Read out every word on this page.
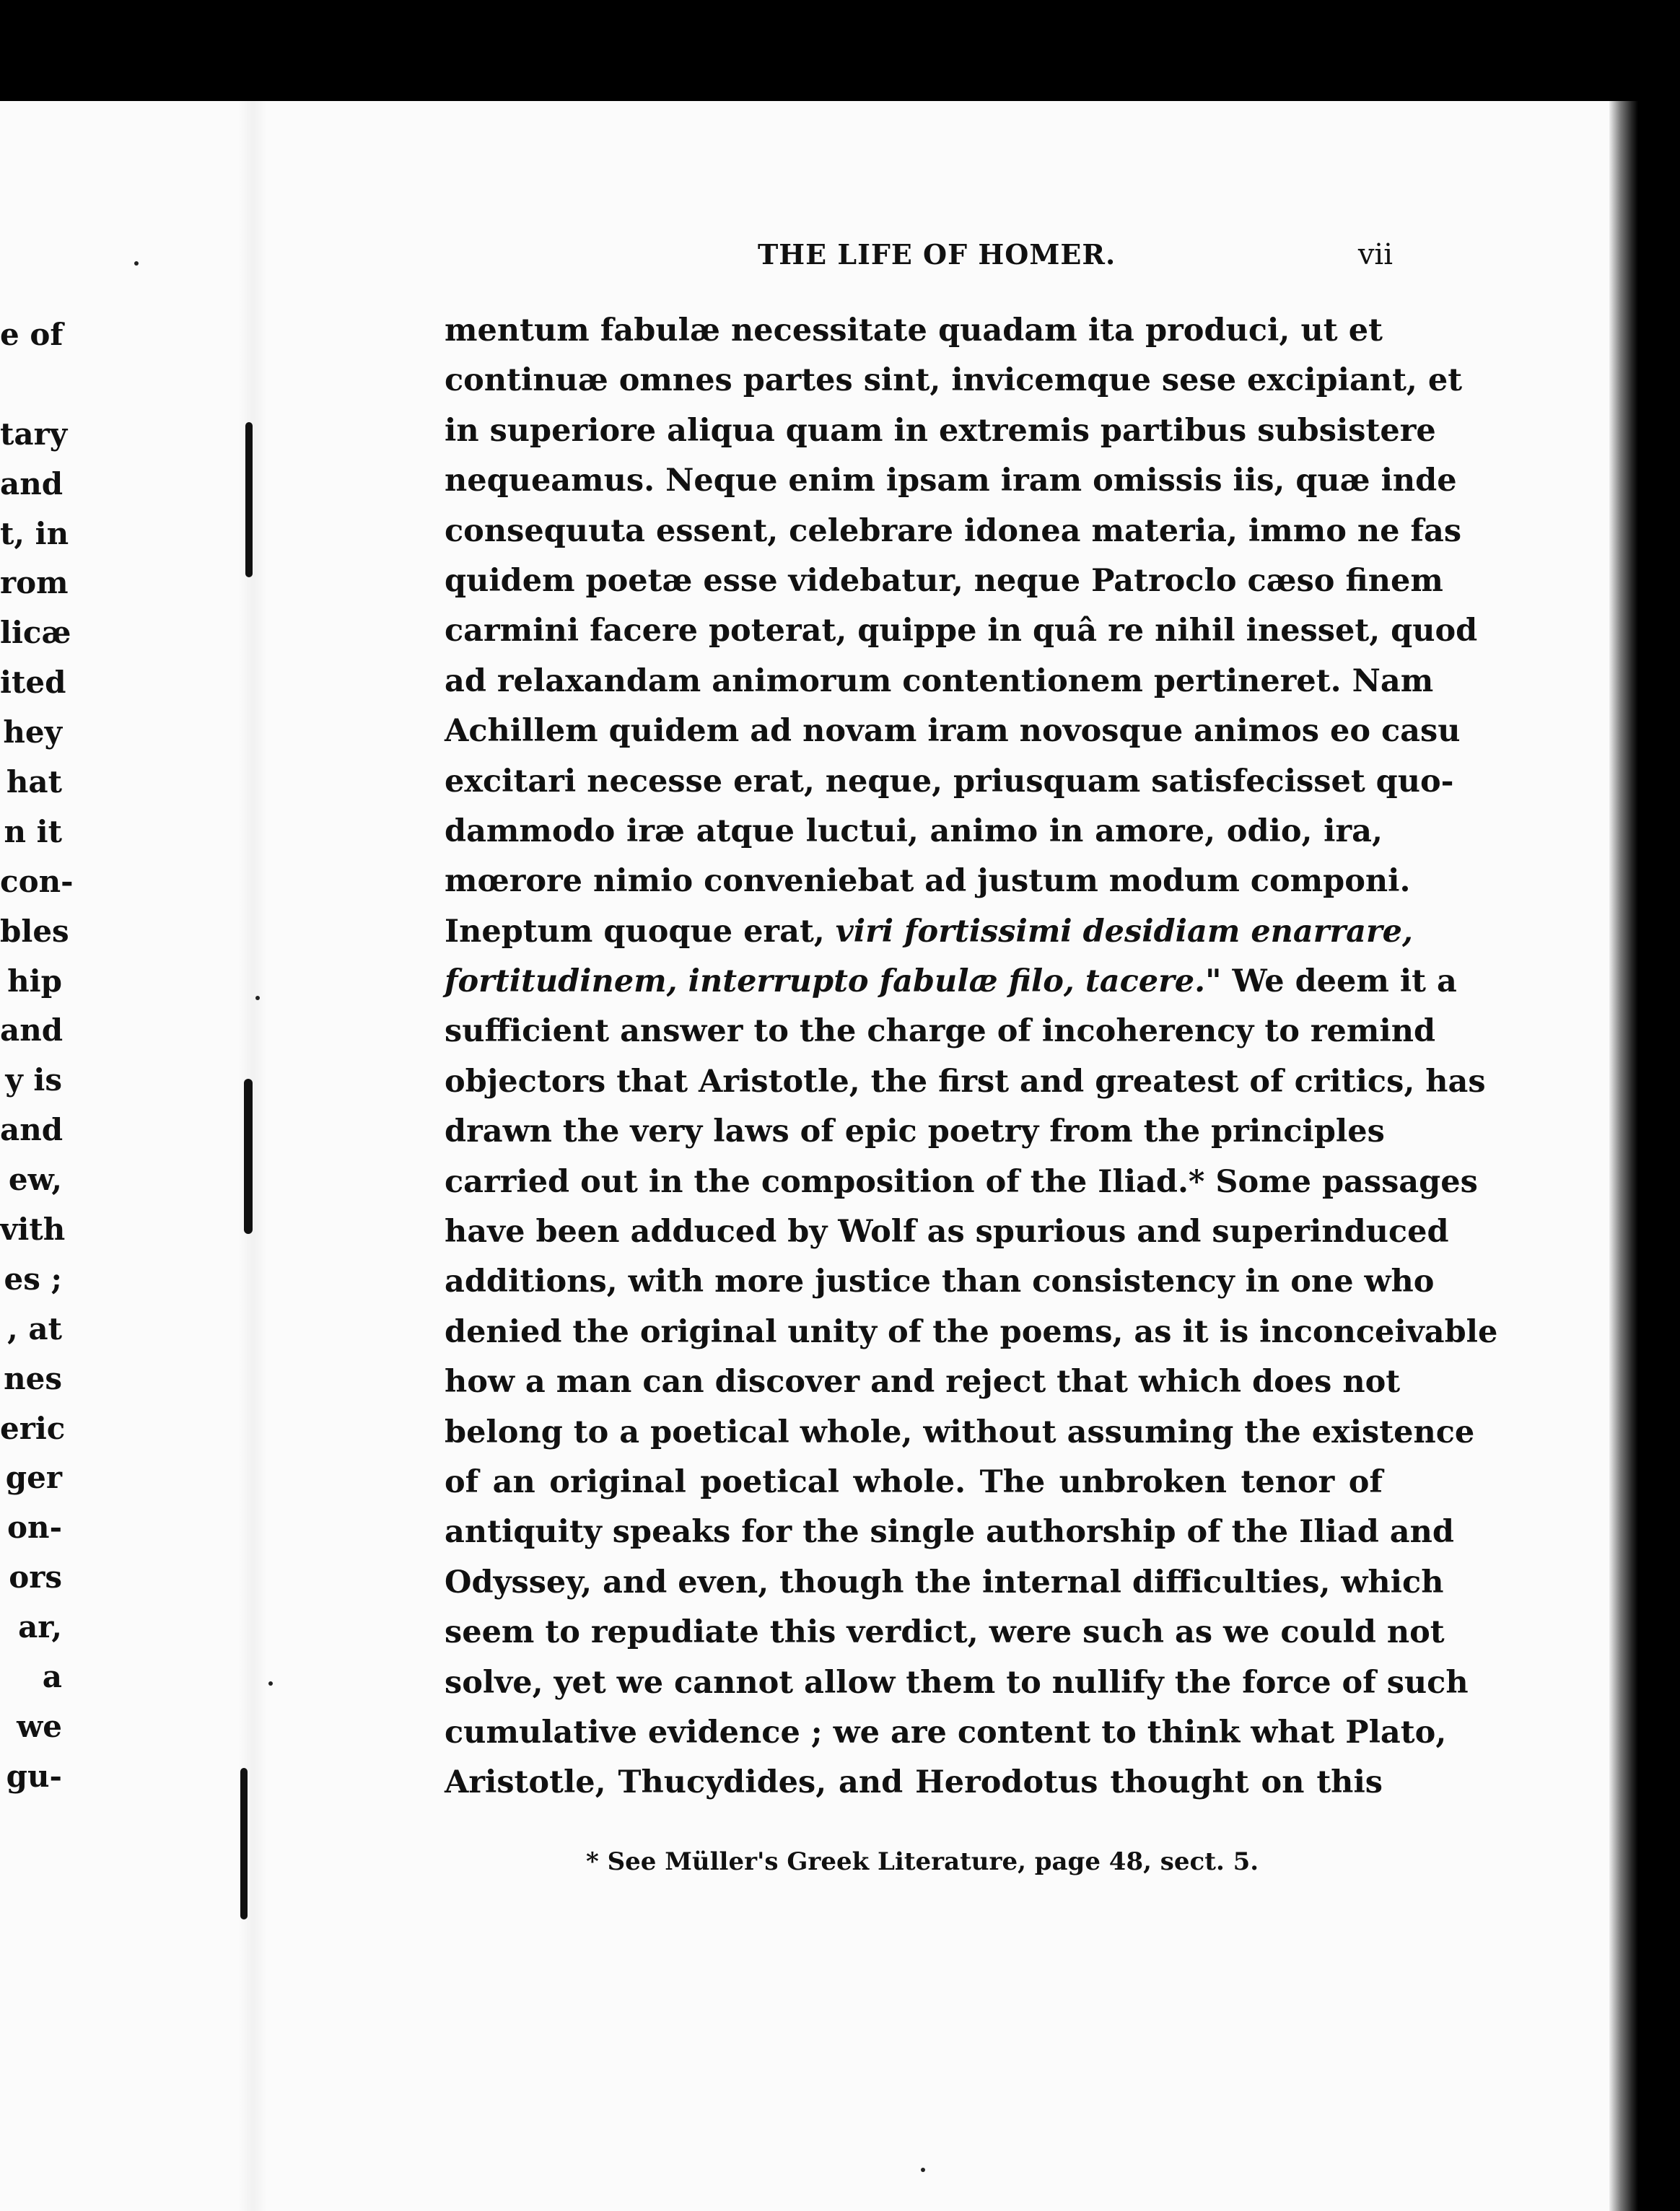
e of
tary
and
t, in
rom
licæ
ited
hey
hat
n it
con-
bles
hip
and
y is
and
ew,
vith
es ;
, at
nes
eric
ger
on-
ors
ar,
a
we
gu-
THE LIFE OF HOMER.	vii
mentum fabulæ necessitate quadam ita produci, ut et
continuæ omnes partes sint, invicemque sese excipiant, et
in superiore aliqua quam in extremis partibus subsistere
nequeamus. Neque enim ipsam iram omissis iis, quæ inde
consequuta essent, celebrare idonea materia, immo ne fas
quidem poetæ esse videbatur, neque Patroclo cæso finem
carmini facere poterat, quippe in quâ re nihil inesset, quod
ad relaxandam animorum contentionem pertineret. Nam
Achillem quidem ad novam iram novosque animos eo casu
excitari necesse erat, neque, priusquam satisfecisset quo-
dammodo iræ atque luctui, animo in amore, odio, ira,
mœrore nimio conveniebat ad justum modum componi.
Ineptum quoque erat, viri fortissimi desidiam enarrare,
fortitudinem, interrupto fabulæ filo, tacere." We deem it a
sufficient answer to the charge of incoherency to remind
objectors that Aristotle, the first and greatest of critics, has
drawn the very laws of epic poetry from the principles
carried out in the composition of the Iliad.* Some passages
have been adduced by Wolf as spurious and superinduced
additions, with more justice than consistency in one who
denied the original unity of the poems, as it is inconceivable
how a man can discover and reject that which does not
belong to a poetical whole, without assuming the existence
of an original poetical whole. The unbroken tenor of
antiquity speaks for the single authorship of the Iliad and
Odyssey, and even, though the internal difficulties, which
seem to repudiate this verdict, were such as we could not
solve, yet we cannot allow them to nullify the force of such
cumulative evidence ; we are content to think what Plato,
Aristotle, Thucydides, and Herodotus thought on this
* See Müller's Greek Literature, page 48, sect. 5.
